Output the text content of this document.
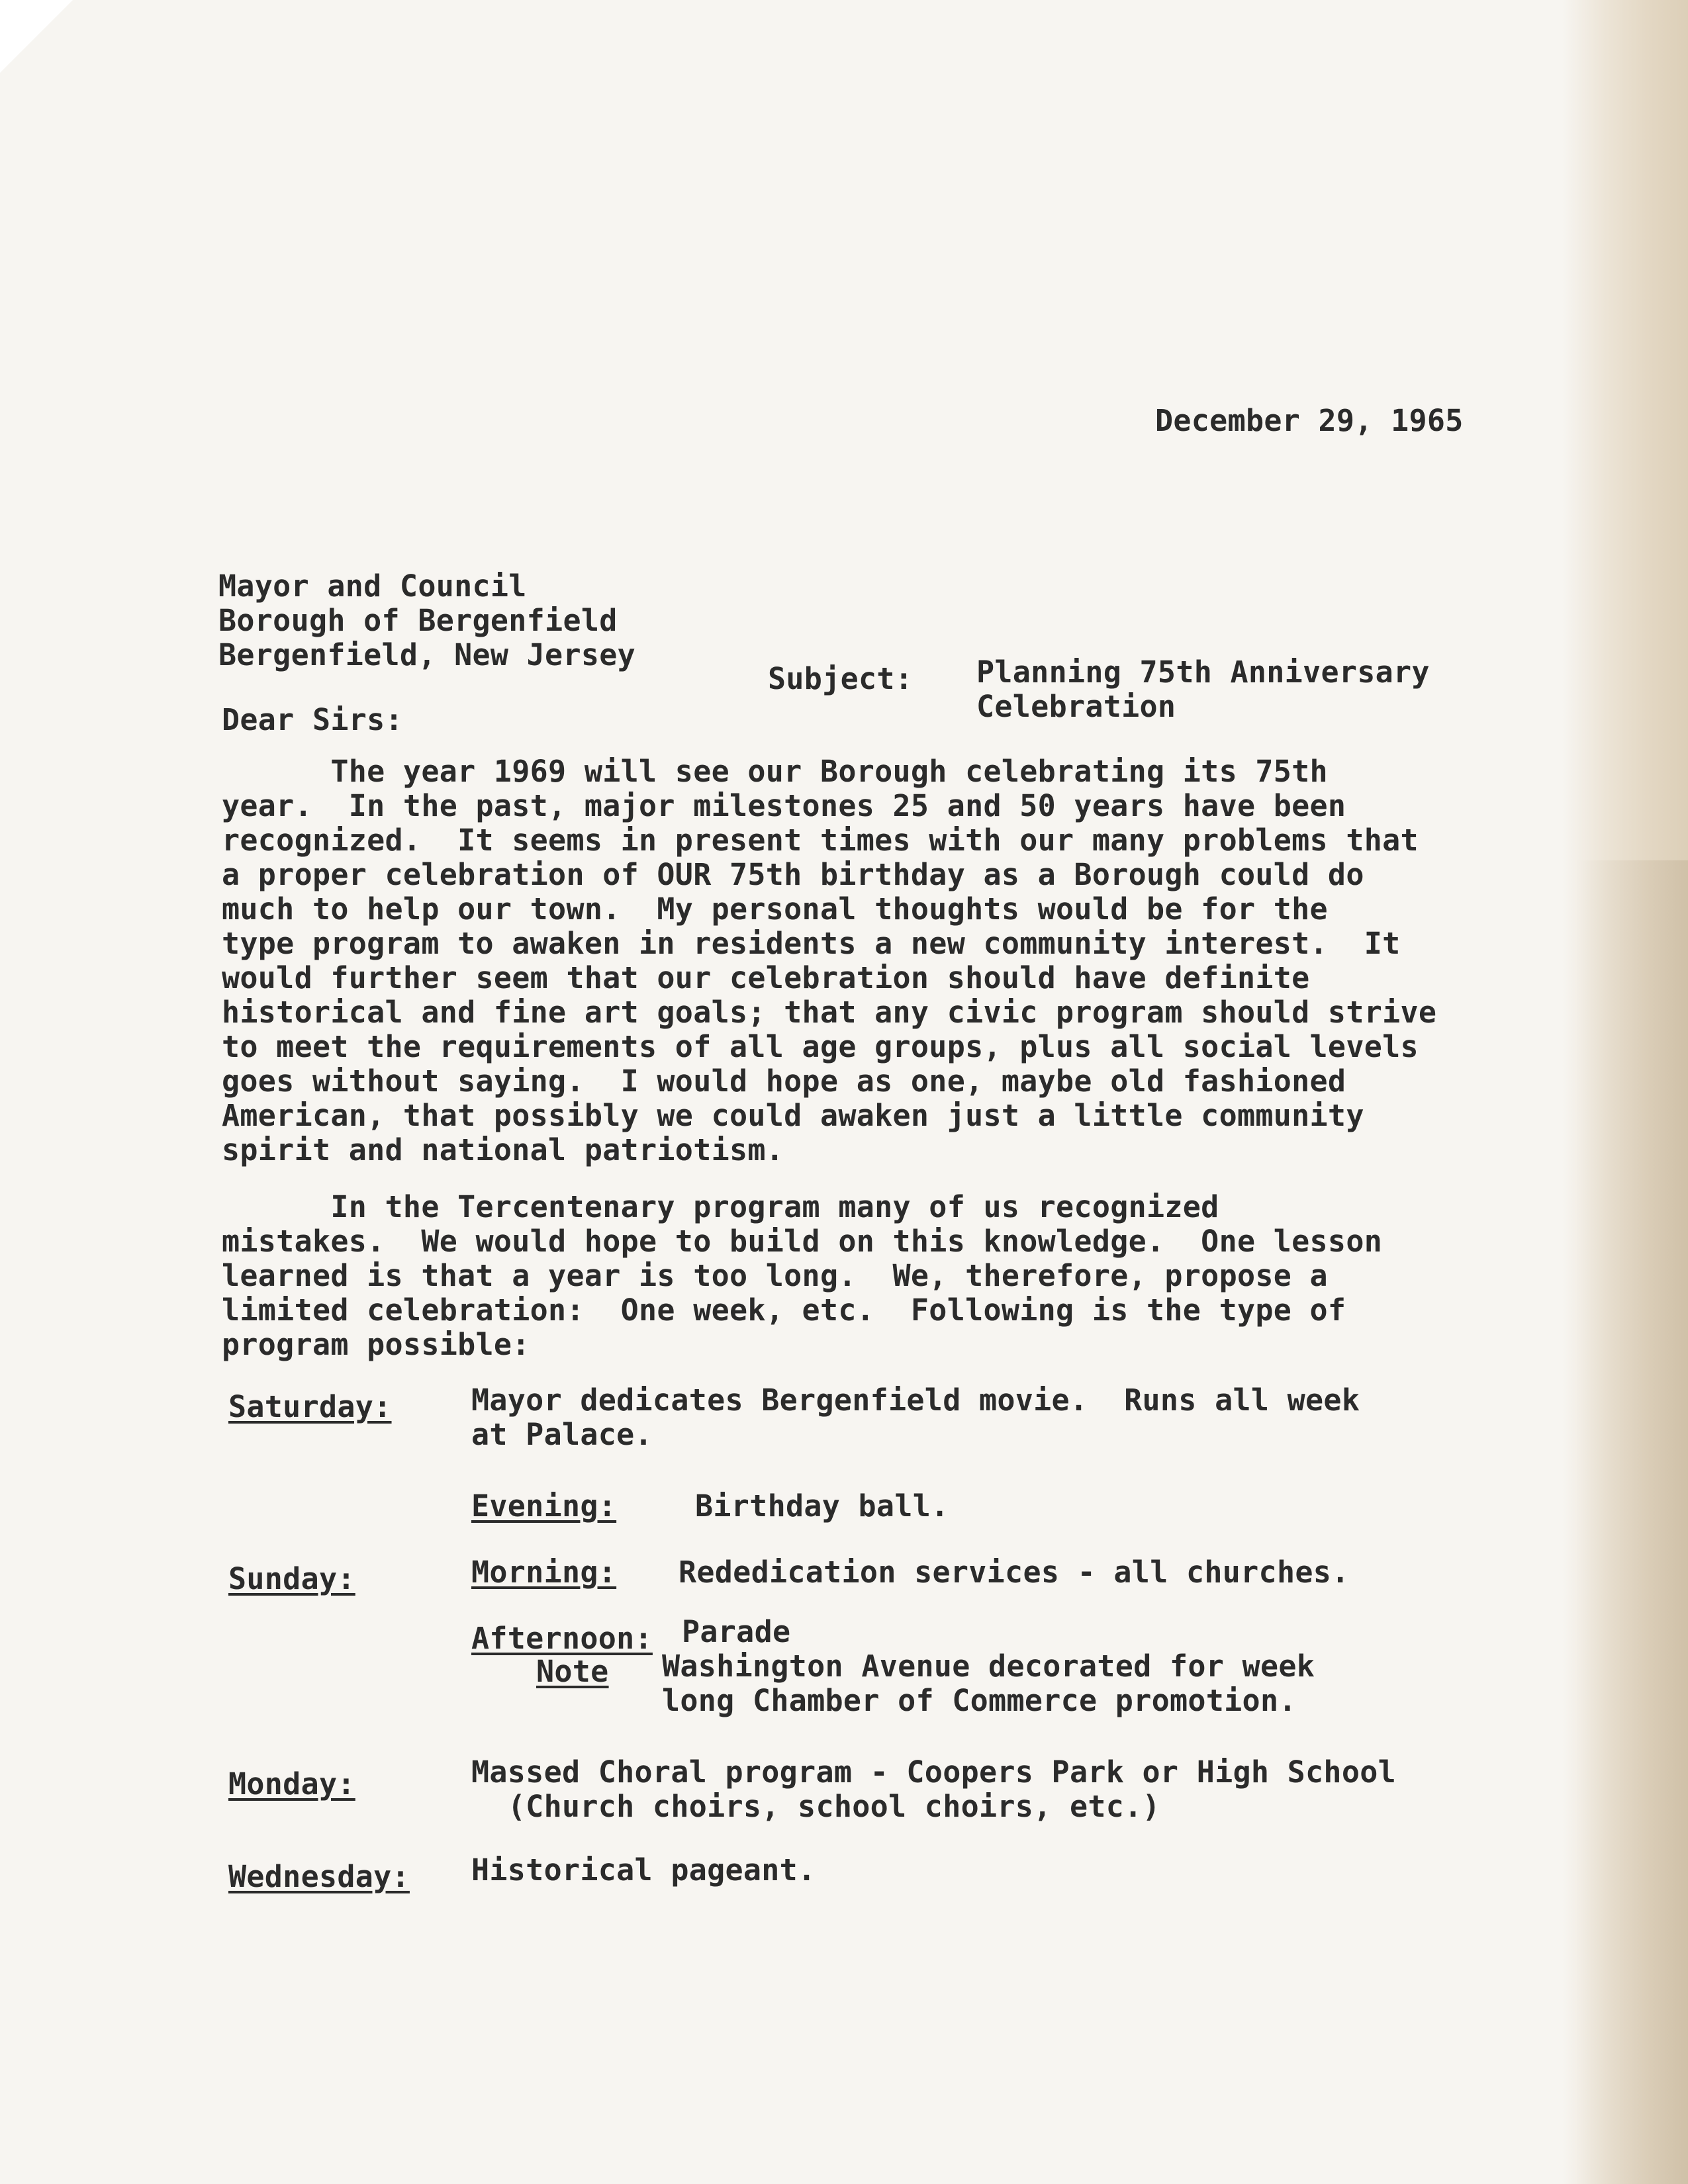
December 29, 1965
Mayor and Council
Borough of Bergenfield
Bergenfield, New Jersey
Subject: Planning 75th Anniversary
Celebration
Dear Sirs:
The year 1969 will see our Borough celebrating its 75th
year.  In the past, major milestones 25 and 50 years have been
recognized.  It seems in present times with our many problems that
a proper celebration of OUR 75th birthday as a Borough could do
much to help our town.  My personal thoughts would be for the
type program to awaken in residents a new community interest.  It
would further seem that our celebration should have definite
historical and fine art goals; that any civic program should strive
to meet the requirements of all age groups, plus all social levels
goes without saying.  I would hope as one, maybe old fashioned
American, that possibly we could awaken just a little community
spirit and national patriotism.
In the Tercentenary program many of us recognized
mistakes.  We would hope to build on this knowledge.  One lesson
learned is that a year is too long.  We, therefore, propose a
limited celebration:  One week, etc.  Following is the type of
program possible:
Saturday:	Mayor dedicates Bergenfield movie.  Runs all week
at Palace.
Evening:	Birthday ball.
Sunday:	Morning: Rededication services - all churches.
Afternoon: Parade
Note Washington Avenue decorated for week
long Chamber of Commerce promotion.
Monday:	Massed Choral program - Coopers Park or High School
(Church choirs, school choirs, etc.)
Wednesday: Historical pageant.
